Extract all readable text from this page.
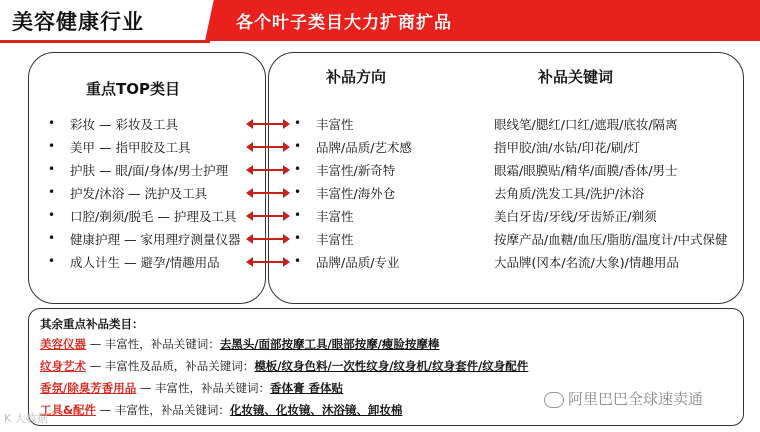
美容健康行业	各个叶子类目大力扩商扩品
重点TOP类目
补品方向	补品关键词
• 彩妆 — 彩妆及工具
• 美甲 — 指甲胶及工具
• 护肤 — 眼/面/身体/男士护理
• 护发/沐浴 — 洗护及工具
• 口腔/剃须/脱毛 — 护理及工具
• 健康护理 — 家用理疗测量仪器
• 成人计生 — 避孕/情趣用品
• 丰富性
• 品牌/品质/艺术感
• 丰富性/新奇特
• 丰富性/海外仓
• 丰富性
• 丰富性
• 品牌/品质/专业
眼线笔/腮红/口红/遮瑕/底妆/隔离
指甲胶/油/水钻/印花/刷/灯
眼霜/眼膜贴/精华/面膜/香体/男士
去角质/洗发工具/洗护/沐浴
美白牙齿/牙线/牙齿矫正/剃须
按摩产品/血糖/血压/脂肪/温度计/中式保健
大品牌(冈本/名流/大象)/情趣用品
其余重点补品类目：
美容仪器 — 丰富性，补品关键词：去黑头/面部按摩工具/眼部按摩/瘦脸按摩棒
纹身艺术 — 丰富性及品质，补品关键词：模板/纹身色料/一次性纹身/纹身机/纹身套件/纹身配件
香氛/除臭芳香用品 — 丰富性，补品关键词：香体膏 香体贴
工具&配件 — 丰富性，补品关键词：化妆镜、化妆镜、沐浴镜、卸妆棉
阿里巴巴全球速卖通
K 大数据
